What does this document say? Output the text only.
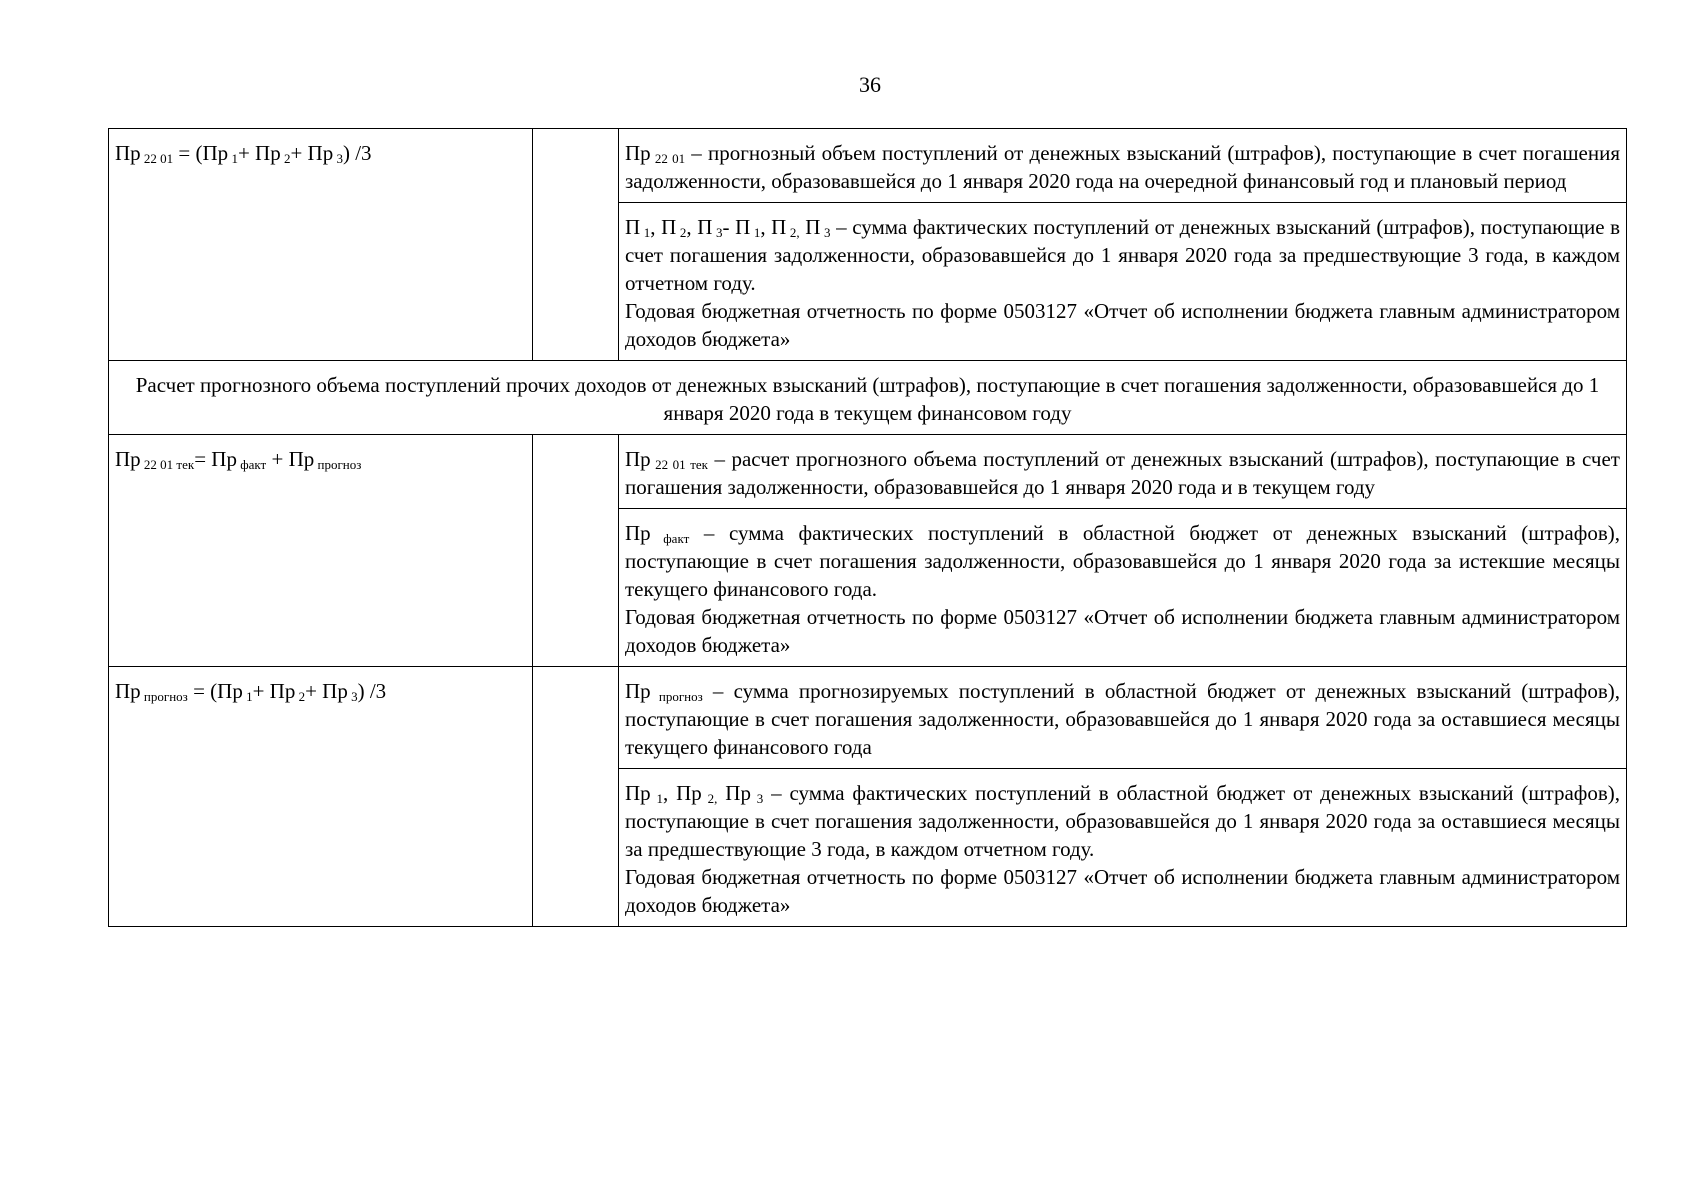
36
Пр $_{22 01}$ = (Пр $_1$+ Пр $_2$+ Пр $_3$) /3		Пр $_{22 01}$ – прогнозный объем поступлений от денежных взысканий (штрафов), поступающие в счет погашения задолженности, образовавшейся до 1 января 2020 года на очередной финансовый год и плановый период

		П $_1$, П $_2$, П $_3$- П $_1$, П $_{2,}$ П $_3$ – сумма фактических поступлений от денежных взысканий (штрафов), поступающие в счет погашения задолженности, образовавшейся до 1 января 2020 года за предшествующие 3 года, в каждом отчетном году.
Годовая бюджетная отчетность по форме 0503127 «Отчет об исполнении бюджета главным администратором доходов бюджета»

Расчет прогнозного объема поступлений прочих доходов от денежных взысканий (штрафов), поступающие в счет погашения задолженности, образовавшейся до 1 января 2020 года в текущем финансовом году		
Пр $_{22 01 тек}$= Пр $_{факт}$ + Пр $_{прогноз}$		Пр $_{22 01 тек}$ – расчет прогнозного объема поступлений от денежных взысканий (штрафов), поступающие в счет погашения задолженности, образовавшейся до 1 января 2020 года и в текущем году

		Пр $_{факт}$ – сумма фактических поступлений в областной бюджет от денежных взысканий (штрафов), поступающие в счет погашения задолженности, образовавшейся до 1 января 2020 года за истекшие месяцы текущего финансового года.
Годовая бюджетная отчетность по форме 0503127 «Отчет об исполнении бюджета главным администратором доходов бюджета»

Пр $_{прогноз}$ = (Пр $_1$+ Пр $_2$+ Пр $_3$) /3		Пр $_{прогноз}$ – сумма прогнозируемых поступлений в областной бюджет от денежных взысканий (штрафов), поступающие в счет погашения задолженности, образовавшейся до 1 января 2020 года за оставшиеся месяцы текущего финансового года

		Пр $_1$, Пр $_{2,}$ Пр $_3$ – сумма фактических поступлений в областной бюджет от денежных взысканий (штрафов), поступающие в счет погашения задолженности, образовавшейся до 1 января 2020 года за оставшиеся месяцы за предшествующие 3 года, в каждом отчетном году.
Годовая бюджетная отчетность по форме 0503127 «Отчет об исполнении бюджета главным администратором доходов бюджета»
